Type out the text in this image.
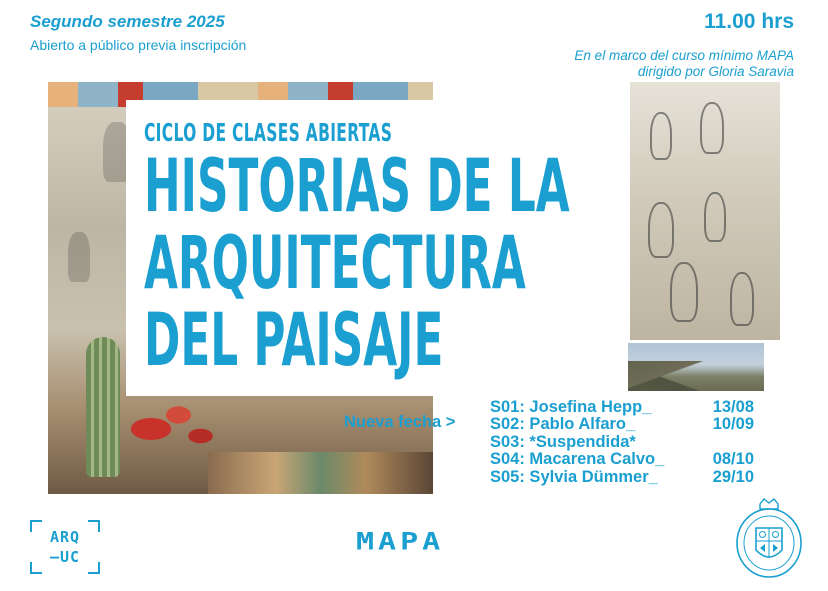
Segundo semestre 2025
Abierto a público previa inscripción
11.00 hrs
En el marco del curso mínimo MAPA
dirigido por Gloria Saravia
CICLO DE CLASES ABIERTAS
HISTORIAS DE LA
ARQUITECTURA
DEL PAISAJE
Nueva fecha >
S01: Josefina Hepp_	13/08
S02: Pablo Alfaro_	10/09
S03: *Suspendida*
S04: Macarena Calvo_	08/10
S05: Sylvia Dümmer_	29/10
ARQ
—UC
MAPA
